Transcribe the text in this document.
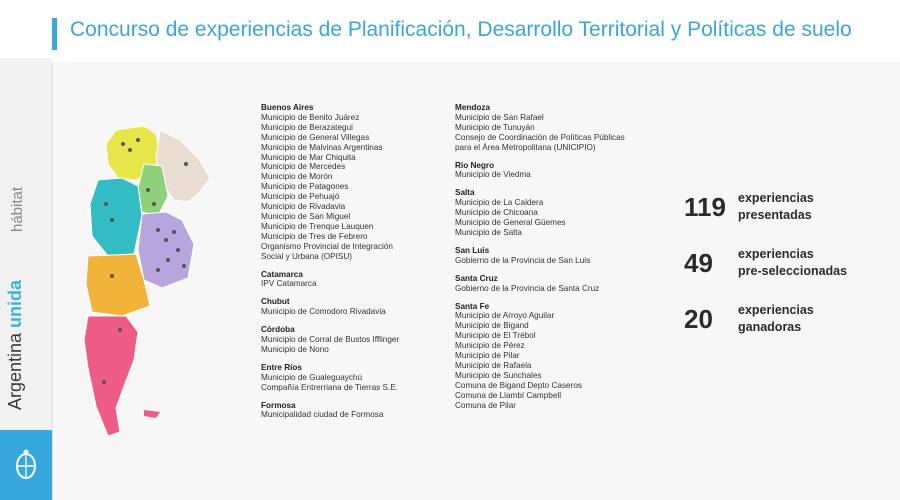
hábitat
Argentina unida
Concurso de experiencias de Planificación, Desarrollo Territorial y Políticas de suelo
Buenos Aires
Municipio de Benito Juárez
Municipio de Berazategui
Municipio de General Villegas
Municipio de Malvinas Argentinas
Municipio de Mar Chiquita
Municipio de Mercedes
Municipio de Morón
Municipio de Patagones
Municipio de Pehuajó
Municipio de Rivadavia
Municipio de San Miguel
Municipio de Trenque Lauquen
Municipio de Tres de Febrero
Organismo Provincial de Integración
Social y Urbana (OPISU)
Catamarca
IPV Catamarca
Chubut
Municipio de Comodoro Rivadavia
Córdoba
Municipio de Corral de Bustos Ifflinger
Municipio de Nono
Entre Ríos
Municipio de Gualeguaychú
Compañía Entrerriana de Tierras S.E.
Formosa
Municipalidad ciudad de Formosa
Mendoza
Municipio de San Rafael
Municipio de Tunuyán
Consejo de Coordinación de Políticas Públicas
para el Área Metropolitana (UNICIPIO)
Río Negro
Municipio de Viedma
Salta
Municipio de La Caldera
Municipio de Chicoana
Municipio de General Güemes
Municipio de Salta
San Luis
Gobierno de la Provincia de San Luis
Santa Cruz
Gobierno de la Provincia de Santa Cruz
Santa Fe
Municipio de Arroyo Aguilar
Municipio de Bigand
Municipio de El Trébol
Municipio de Pérez
Municipio de Pilar
Municipio de Rafaela
Municipio de Sunchales
Comuna de Bigand Depto Caseros
Comuna de Llambí Campbell
Comuna de Pilar
119 experiencias
presentadas
49	experiencias
pre-seleccionadas
20	experiencias
ganadoras
